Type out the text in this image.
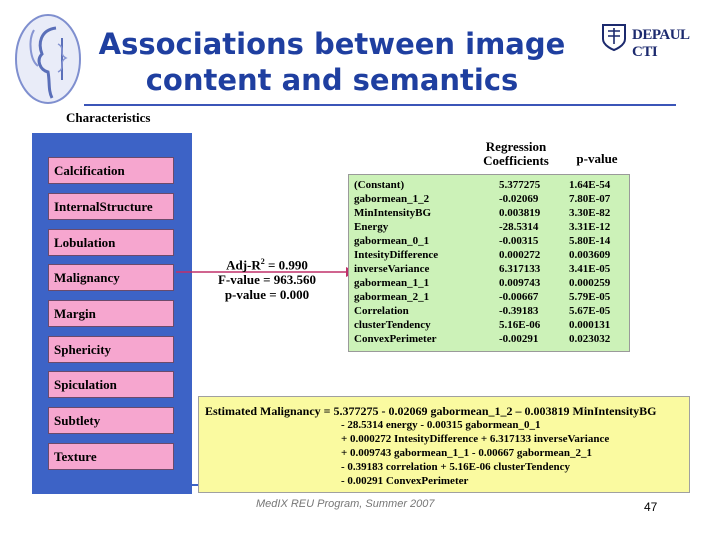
Associations between image
content and semantics
DEPAUL CTI
Characteristics
Calcification
InternalStructure
Lobulation
Malignancy
Margin
Sphericity
Spiculation
Subtlety
Texture
Adj-$R^2 = 0.990$
F-value = 963.560
p-value = 0.000
Regression
Coefficients	p-value
(Constant)	5.377275	1.64E-54
gabormean_1_2	-0.02069	7.80E-07
MinIntensityBG	0.003819	3.30E-82
Energy	-28.5314	3.31E-12
gabormean_0_1	-0.00315	5.80E-14
IntesityDifference	0.000272	0.003609
inverseVariance	6.317133	3.41E-05
gabormean_1_1	0.009743	0.000259
gabormean_2_1	-0.00667	5.79E-05
Correlation	-0.39183	5.67E-05
clusterTendency	5.16E-06	0.000131
ConvexPerimeter	-0.00291	0.023032
Estimated Malignancy = 5.377275 - 0.02069 gabormean_1_2 – 0.003819 MinIntensityBG
- 28.5314 energy - 0.00315 gabormean_0_1
+ 0.000272 IntesityDifference + 6.317133 inverseVariance
+ 0.009743 gabormean_1_1 - 0.00667 gabormean_2_1
- 0.39183 correlation + 5.16E-06 clusterTendency
- 0.00291 ConvexPerimeter
MedIX REU Program, Summer 2007	47
